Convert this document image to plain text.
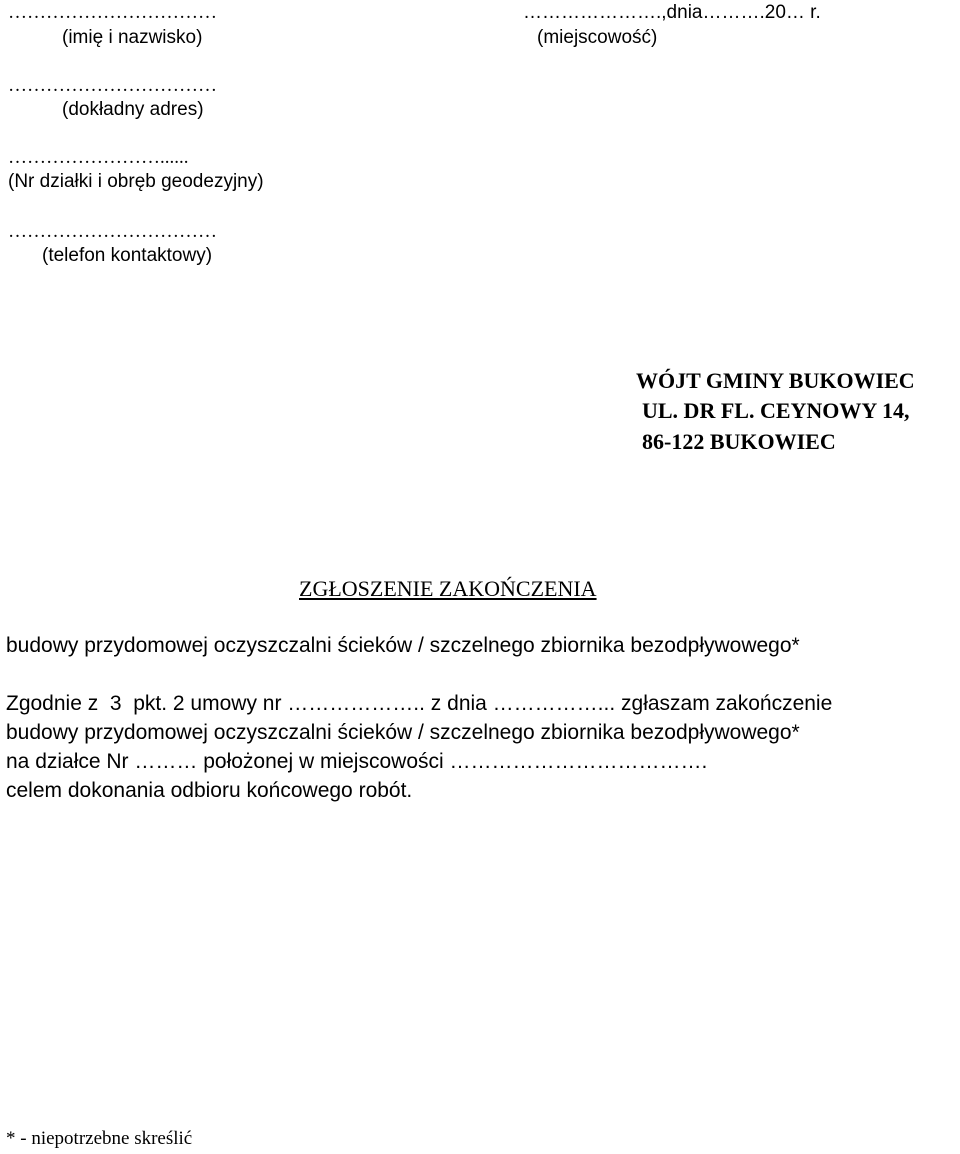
……………………………
(imię i nazwisko)
……………………………
(dokładny adres)
……………………......
(Nr działki i obręb geodezyjny)
……………………………
(telefon kontaktowy)
………………….,dnia……….20… r.
(miejscowość)
WÓJT GMINY BUKOWIEC
UL. DR FL. CEYNOWY 14,
86-122 BUKOWIEC
ZGŁOSZENIE ZAKOŃCZENIA
budowy przydomowej oczyszczalni ścieków / szczelnego zbiornika bezodpływowego*
Zgodnie z  3  pkt. 2 umowy nr ……………….. z dnia ……………... zgłaszam zakończenie
budowy przydomowej oczyszczalni ścieków / szczelnego zbiornika bezodpływowego*
na działce Nr ……… położonej w miejscowości ……………………………….
celem dokonania odbioru końcowego robót.
* - niepotrzebne skreślić
